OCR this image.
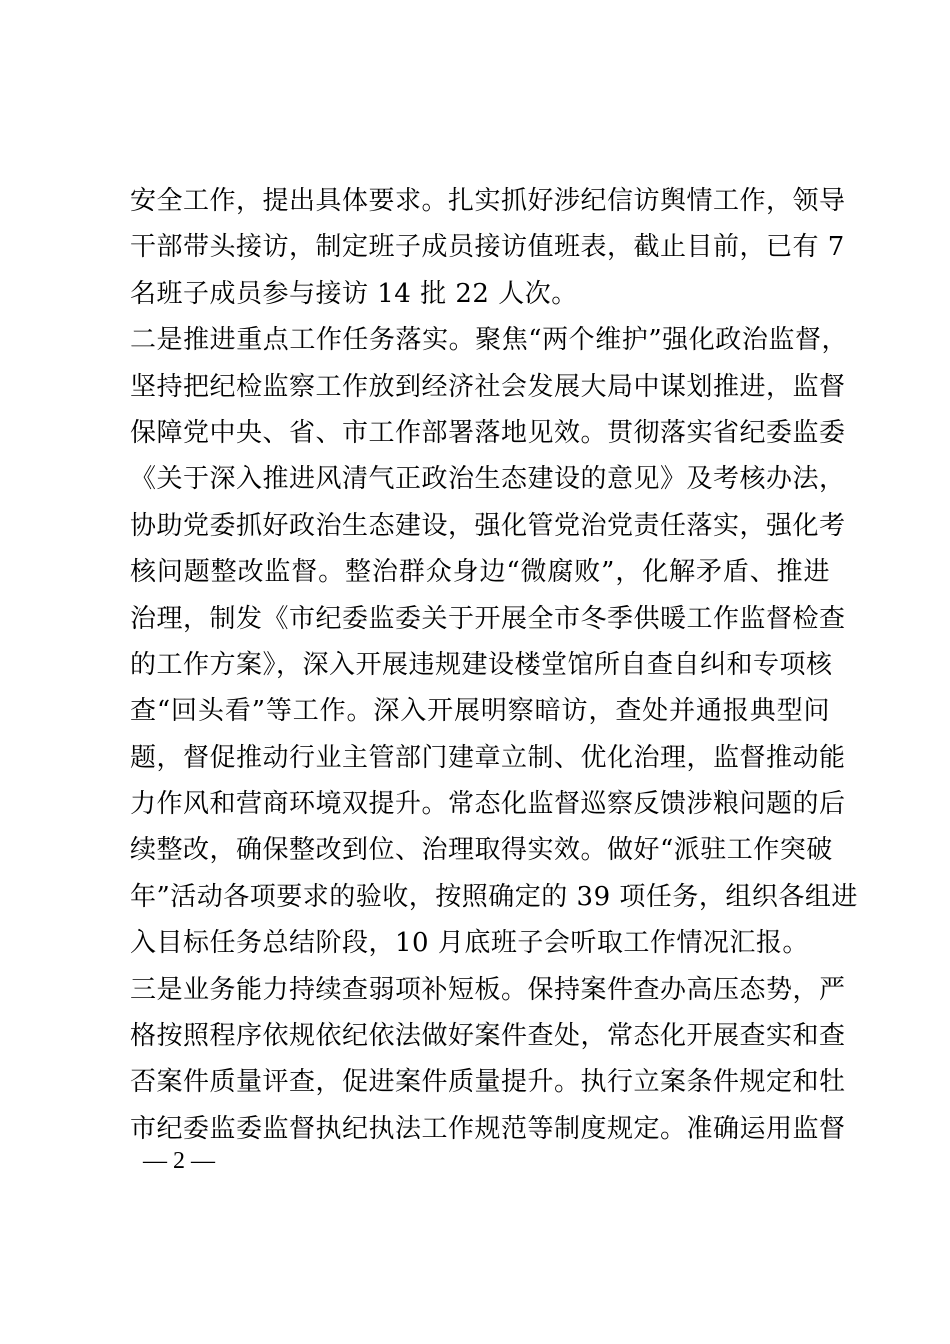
安全工作，提出具体要求。扎实抓好涉纪信访舆情工作，领导
干部带头接访，制定班子成员接访值班表，截止目前，已有 7
名班子成员参与接访 14 批 22 人次。
二是推进重点工作任务落实。聚焦“两个维护”强化政治监督，
坚持把纪检监察工作放到经济社会发展大局中谋划推进，监督
保障党中央、省、市工作部署落地见效。贯彻落实省纪委监委
《关于深入推进风清气正政治生态建设的意见》及考核办法，
协助党委抓好政治生态建设，强化管党治党责任落实，强化考
核问题整改监督。整治群众身边“微腐败”，化解矛盾、推进
治理，制发《市纪委监委关于开展全市冬季供暖工作监督检查
的工作方案》，深入开展违规建设楼堂馆所自查自纠和专项核
查“回头看”等工作。深入开展明察暗访，查处并通报典型问
题，督促推动行业主管部门建章立制、优化治理，监督推动能
力作风和营商环境双提升。常态化监督巡察反馈涉粮问题的后
续整改，确保整改到位、治理取得实效。做好“派驻工作突破
年”活动各项要求的验收，按照确定的 39 项任务，组织各组进
入目标任务总结阶段，10 月底班子会听取工作情况汇报。
三是业务能力持续查弱项补短板。保持案件查办高压态势，严
格按照程序依规依纪依法做好案件查处，常态化开展查实和查
否案件质量评查，促进案件质量提升。执行立案条件规定和牡
市纪委监委监督执纪执法工作规范等制度规定。准确运用监督
— 2 —
